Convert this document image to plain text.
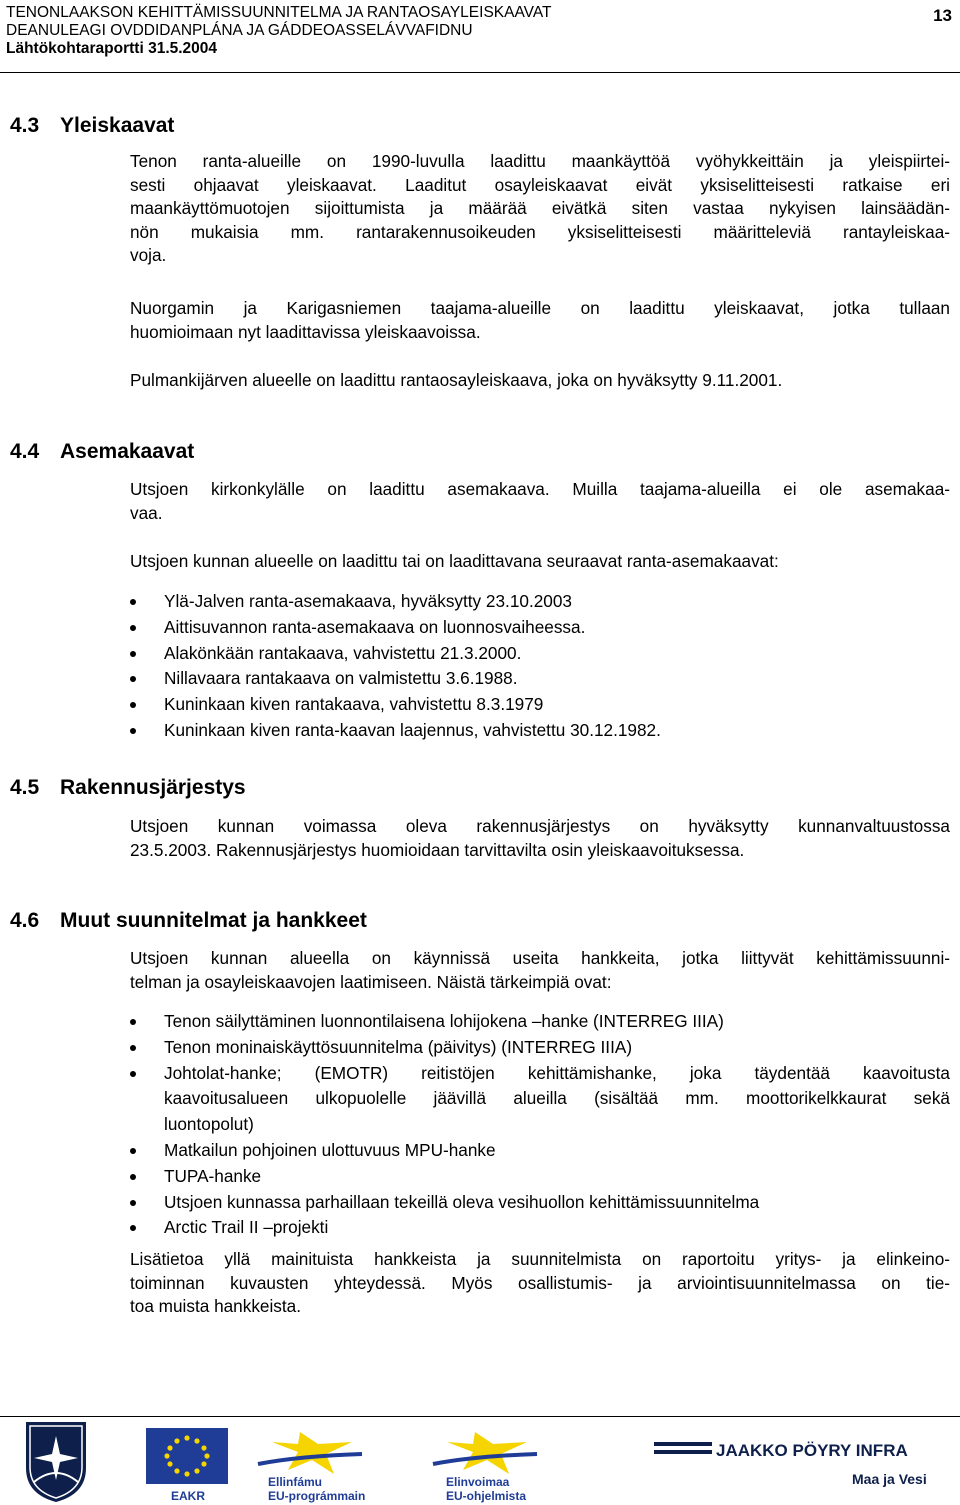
TENONLAAKSON KEHITTÄMISSUUNNITELMA JA RANTAOSAYLEISKAAVAT
DEANULEAGI OVDDIDANPLÁNA JA GÁDDEOASSELÁVVAFIDNU
Lähtökohtaraportti 31.5.2004
13
4.3 Yleiskaavat
Tenon ranta-alueille on 1990-luvulla laadittu maankäyttöä vyöhykkeittäin ja yleispiirtei-
sesti ohjaavat yleiskaavat. Laaditut osayleiskaavat eivät yksiselitteisesti ratkaise eri
maankäyttömuotojen sijoittumista ja määrää eivätkä siten vastaa nykyisen lainsäädän-
nön mukaisia mm. rantarakennusoikeuden yksiselitteisesti määritteleviä rantayleiskaa-
voja.
Nuorgamin ja Karigasniemen taajama-alueille on laadittu yleiskaavat, jotka tullaan
huomioimaan nyt laadittavissa yleiskaavoissa.
Pulmankijärven alueelle on laadittu rantaosayleiskaava, joka on hyväksytty 9.11.2001.
4.4 Asemakaavat
Utsjoen kirkonkylälle on laadittu asemakaava. Muilla taajama-alueilla ei ole asemakaa-
vaa.
Utsjoen kunnan alueelle on laadittu tai on laadittavana seuraavat ranta-asemakaavat:
Ylä-Jalven ranta-asemakaava, hyväksytty 23.10.2003
Aittisuvannon ranta-asemakaava on luonnosvaiheessa.
Alakönkään rantakaava, vahvistettu 21.3.2000.
Nillavaara rantakaava on valmistettu 3.6.1988.
Kuninkaan kiven rantakaava, vahvistettu 8.3.1979
Kuninkaan kiven ranta-kaavan laajennus, vahvistettu 30.12.1982.
4.5 Rakennusjärjestys
Utsjoen kunnan voimassa oleva rakennusjärjestys on hyväksytty kunnanvaltuustossa
23.5.2003. Rakennusjärjestys huomioidaan tarvittavilta osin yleiskaavoituksessa.
4.6 Muut suunnitelmat ja hankkeet
Utsjoen kunnan alueella on käynnissä useita hankkeita, jotka liittyvät kehittämissuunni-
telman ja osayleiskaavojen laatimiseen. Näistä tärkeimpiä ovat:
Tenon säilyttäminen luonnontilaisena lohijokena –hanke (INTERREG IIIA)
Tenon moninaiskäyttösuunnitelma (päivitys) (INTERREG IIIA)
Johtolat-hanke; (EMOTR) reitistöjen kehittämishanke, joka täydentää kaavoitusta
kaavoitusalueen ulkopuolelle jäävillä alueilla (sisältää mm. moottorikelkkaurat sekä
luontopolut)
Matkailun pohjoinen ulottuvuus MPU-hanke
TUPA-hanke
Utsjoen kunnassa parhaillaan tekeillä oleva vesihuollon kehittämissuunnitelma
Arctic Trail II –projekti
Lisätietoa yllä mainituista hankkeista ja suunnitelmista on raportoitu yritys- ja elinkeino-
toiminnan kuvausten yhteydessä. Myös osallistumis- ja arviointisuunnitelmassa on tie-
toa muista hankkeista.
EAKR
Ellinfámu
EU-prográmmain
Elinvoimaa
EU-ohjelmista
JAAKKO PÖYRY INFRA
Maa ja Vesi
